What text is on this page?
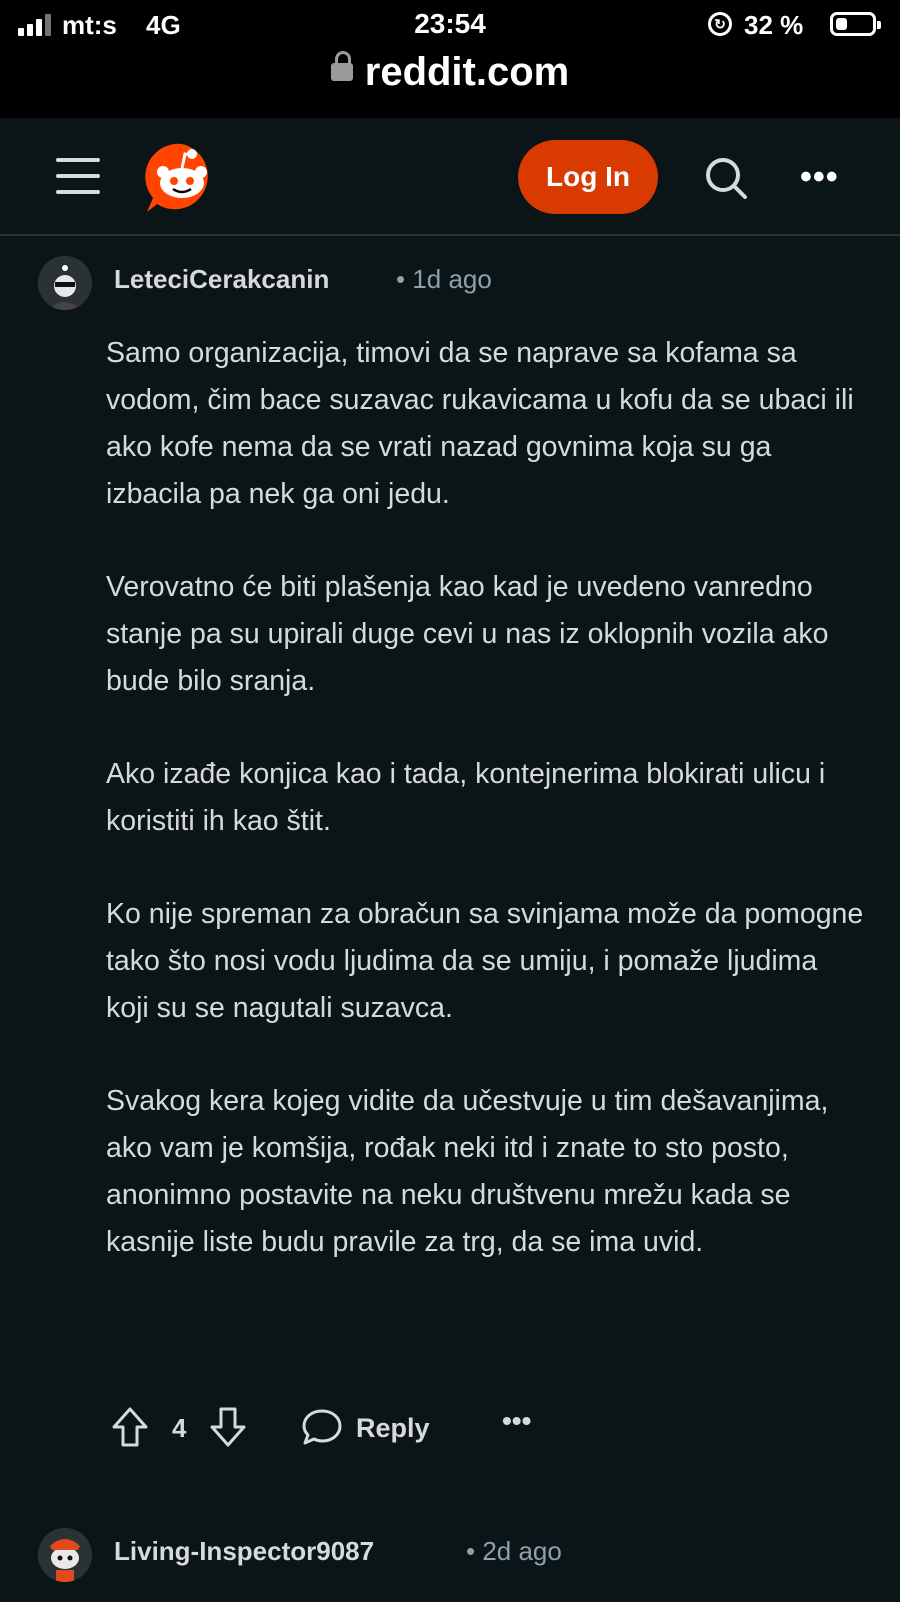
mt:s 4G	23:54	↻ 32 %
reddit.com
Log In	•••
LeteciCerakcanin	• 1d ago

Samo organizacija, timovi da se naprave sa kofama sa vodom, čim bace suzavac rukavicama u kofu da se ubaci ili ako kofe nema da se vrati nazad govnima koja su ga izbacila pa nek ga oni jedu.

Verovatno će biti plašenja kao kad je uvedeno vanredno stanje pa su upirali duge cevi u nas iz oklopnih vozila ako bude bilo sranja.

Ako izađe konjica kao i tada, kontejnerima blokirati ulicu i koristiti ih kao štit.

Ko nije spreman za obračun sa svinjama može da pomogne tako što nosi vodu ljudima da se umiju, i pomaže ljudima koji su se nagutali suzavca.

Svakog kera kojeg vidite da učestvuje u tim dešavanjima, ako vam je komšija, rođak neki itd i znate to sto posto, anonimno postavite na neku društvenu mrežu kada se kasnije liste budu pravile za trg, da se ima uvid.

4	Reply	•••
Living-Inspector9087	• 2d ago
